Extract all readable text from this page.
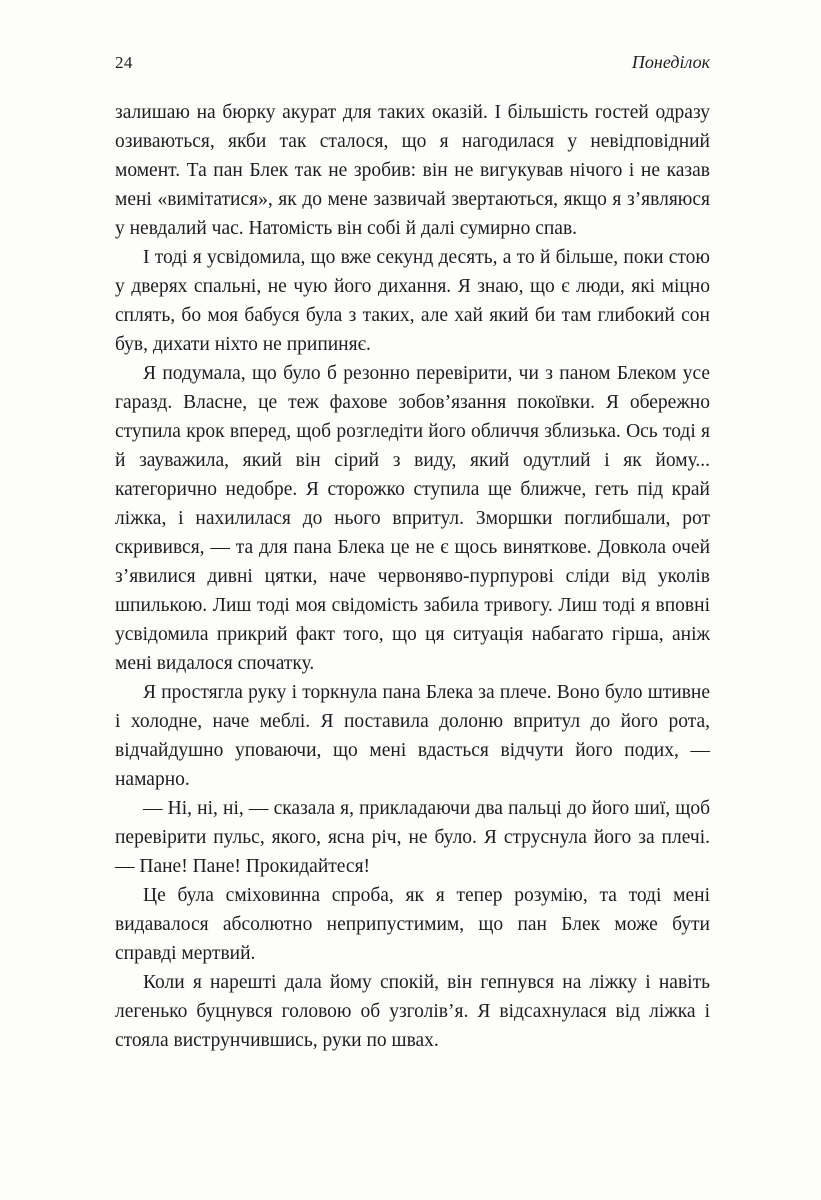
24	Понеділок

залишаю на бюрку акурат для таких оказій. І більшість гостей одразу озиваються, якби так сталося, що я нагодилася у невідповідний момент. Та пан Блек так не зробив: він не вигукував нічого і не казав мені «вимітатися», як до мене зазвичай звертаються, якщо я з’являюся у невдалий час. Натомість він собі й далі сумирно спав.

І тоді я усвідомила, що вже секунд десять, а то й більше, поки стою у дверях спальні, не чую його дихання. Я знаю, що є люди, які міцно сплять, бо моя бабуся була з таких, але хай який би там глибокий сон був, дихати ніхто не припиняє.

Я подумала, що було б резонно перевірити, чи з паном Блеком усе гаразд. Власне, це теж фахове зобов’язання покоївки. Я обережно ступила крок вперед, щоб розгледіти його обличчя зблизька. Ось тоді я й зауважила, який він сірий з виду, який одутлий і як йому... категорично недобре. Я сторожко ступила ще ближче, геть під край ліжка, і нахилилася до нього впритул. Зморшки поглибшали, рот скривився, — та для пана Блека це не є щось виняткове. Довкола очей з’явилися дивні цятки, наче червоняво-пурпурові сліди від уколів шпилькою. Лиш тоді моя свідомість забила тривогу. Лиш тоді я вповні усвідомила прикрий факт того, що ця ситуація набагато гірша, аніж мені видалося спочатку.

Я простягла руку і торкнула пана Блека за плече. Воно було штивне і холодне, наче меблі. Я поставила долоню впритул до його рота, відчайдушно уповаючи, що мені вдасться відчути його подих, — намарно.

— Ні, ні, ні, — сказала я, прикладаючи два пальці до його шиї, щоб перевірити пульс, якого, ясна річ, не було. Я струснула його за плечі. — Пане! Пане! Прокидайтеся!

Це була сміховинна спроба, як я тепер розумію, та тоді мені видавалося абсолютно неприпустимим, що пан Блек може бути справді мертвий.

Коли я нарешті дала йому спокій, він гепнувся на ліжку і навіть легенько буцнувся головою об узголів’я. Я відсахнулася від ліжка і стояла виструнчившись, руки по швах.
